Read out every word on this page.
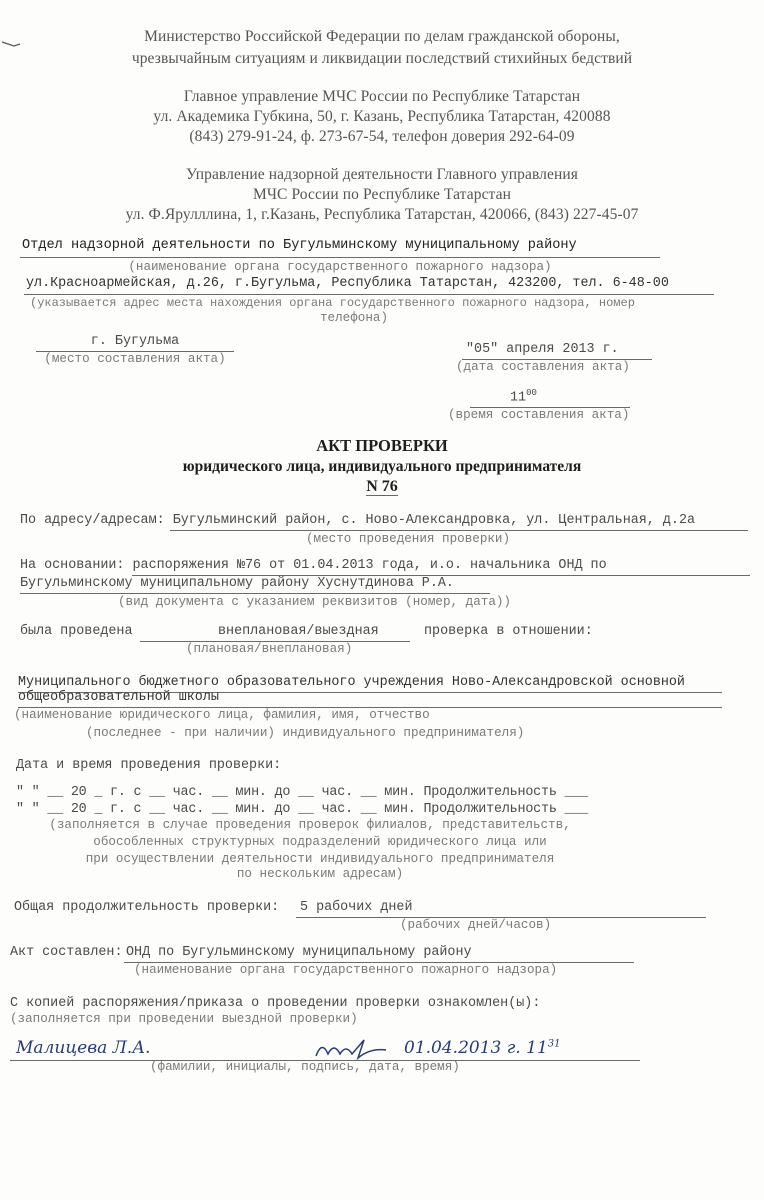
Министерство Российской Федерации по делам гражданской обороны,
чрезвычайным ситуациям и ликвидации последствий стихийных бедствий
Главное управление МЧС России по Республике Татарстан
ул. Академика Губкина, 50, г. Казань, Республика Татарстан, 420088
(843) 279-91-24, ф. 273-67-54, телефон доверия 292-64-09
Управление надзорной деятельности Главного управления
МЧС России по Республике Татарстан
ул. Ф.Ярулллина, 1, г.Казань, Республика Татарстан, 420066, (843) 227-45-07
Отдел надзорной деятельности по Бугульминскому муниципальному району
(наименование органа государственного пожарного надзора)
ул.Красноармейская, д.26, г.Бугульма, Республика Татарстан, 423200, тел. 6-48-00
(указывается адрес места нахождения органа государственного пожарного надзора, номер
телефона)
г. Бугульма
(место составления акта)
"05" апреля 2013 г.
(дата составления акта)
$11^{00}$
(время составления акта)
АКТ ПРОВЕРКИ
юридического лица, индивидуального предпринимателя
N 76
По адресу/адресам: Бугульминский район, с. Ново-Александровка, ул. Центральная, д.2а
(место проведения проверки)
На основании: распоряжения №76 от 01.04.2013 года, и.о. начальника ОНД по
Бугульминскому муниципальному району Хуснутдинова Р.А.
(вид документа с указанием реквизитов (номер, дата))
была проведена	внеплановая/выездная	проверка в отношении:
(плановая/внеплановая)
Муниципального бюджетного образовательного учреждения Ново-Александровской основной
общеобразовательной школы
(наименование юридического лица, фамилия, имя, отчество
(последнее - при наличии) индивидуального предпринимателя)
Дата и время проведения проверки:
" " __ 20 _ г. с __ час. __ мин. до __ час. __ мин. Продолжительность ___
" " __ 20 _ г. с __ час. __ мин. до __ час. __ мин. Продолжительность ___
(заполняется в случае проведения проверок филиалов, представительств,
обособленных структурных подразделений юридического лица или
при осуществлении деятельности индивидуального предпринимателя
по нескольким адресам)
Общая продолжительность проверки: 5 рабочих дней
(рабочих дней/часов)
Акт составлен: ОНД по Бугульминскому муниципальному району
(наименование органа государственного пожарного надзора)
С копией распоряжения/приказа о проведении проверки ознакомлен(ы):
(заполняется при проведении выездной проверки)
Малицева Л.А.	01.04.2013 г. $11^{31}$
(фамилии, инициалы, подпись, дата, время)
